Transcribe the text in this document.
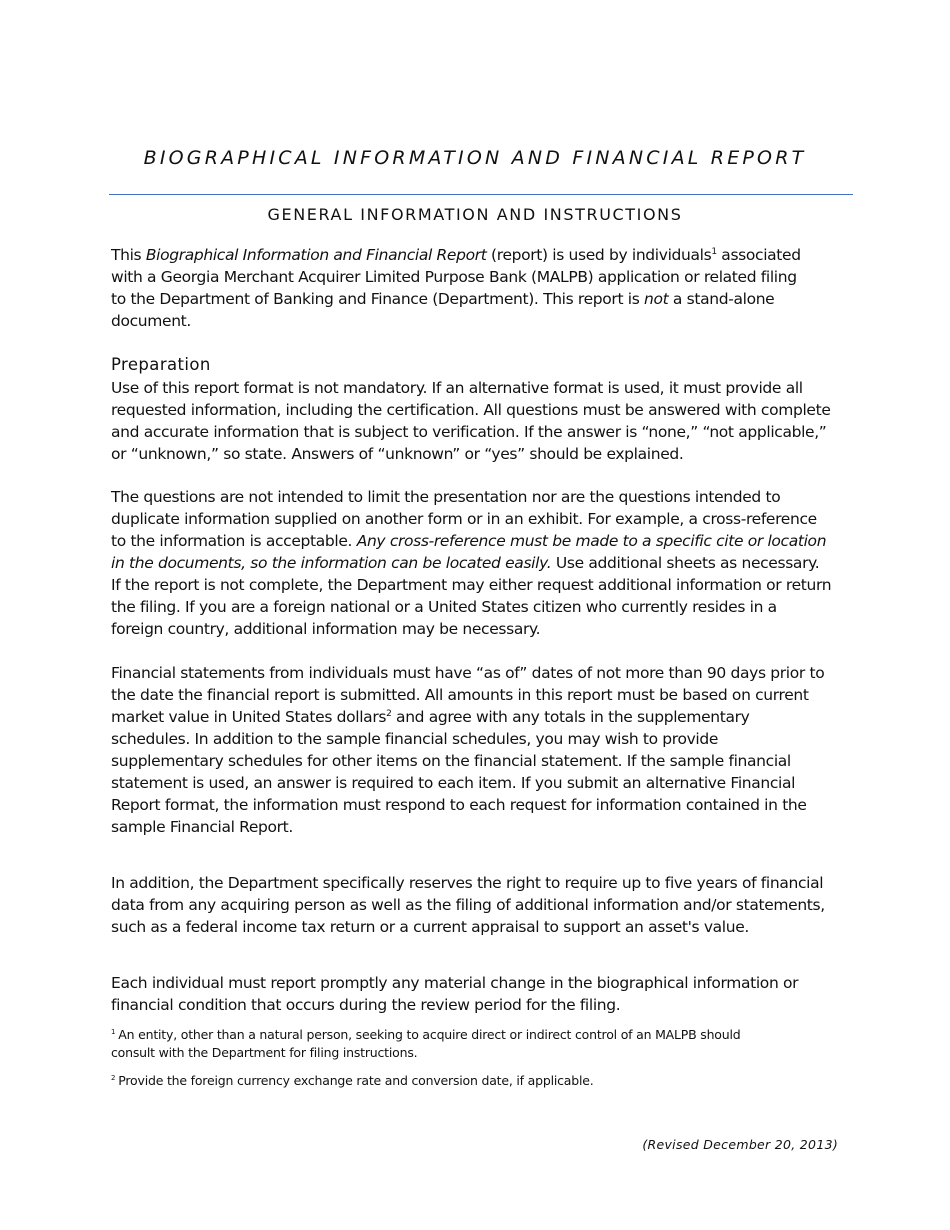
BIOGRAPHICAL INFORMATION AND FINANCIAL REPORT
GENERAL INFORMATION AND INSTRUCTIONS
This Biographical Information and Financial Report (report) is used by individuals$^1$ associated
with a Georgia Merchant Acquirer Limited Purpose Bank (MALPB) application or related filing
to the Department of Banking and Finance (Department). This report is not a stand-alone
document.
Preparation
Use of this report format is not mandatory. If an alternative format is used, it must provide all
requested information, including the certification. All questions must be answered with complete
and accurate information that is subject to verification. If the answer is “none,” “not applicable,”
or “unknown,” so state. Answers of “unknown” or “yes” should be explained.
The questions are not intended to limit the presentation nor are the questions intended to
duplicate information supplied on another form or in an exhibit. For example, a cross-reference
to the information is acceptable. Any cross-reference must be made to a specific cite or location
in the documents, so the information can be located easily. Use additional sheets as necessary.
If the report is not complete, the Department may either request additional information or return
the filing. If you are a foreign national or a United States citizen who currently resides in a
foreign country, additional information may be necessary.
Financial statements from individuals must have “as of” dates of not more than 90 days prior to
the date the financial report is submitted. All amounts in this report must be based on current
market value in United States dollars$^2$ and agree with any totals in the supplementary
schedules. In addition to the sample financial schedules, you may wish to provide
supplementary schedules for other items on the financial statement. If the sample financial
statement is used, an answer is required to each item. If you submit an alternative Financial
Report format, the information must respond to each request for information contained in the
sample Financial Report.
In addition, the Department specifically reserves the right to require up to five years of financial
data from any acquiring person as well as the filing of additional information and/or statements,
such as a federal income tax return or a current appraisal to support an asset's value.
Each individual must report promptly any material change in the biographical information or
financial condition that occurs during the review period for the filing.
$^1$ An entity, other than a natural person, seeking to acquire direct or indirect control of an MALPB should
consult with the Department for filing instructions.
$^2$ Provide the foreign currency exchange rate and conversion date, if applicable.
(Revised December 20, 2013)
